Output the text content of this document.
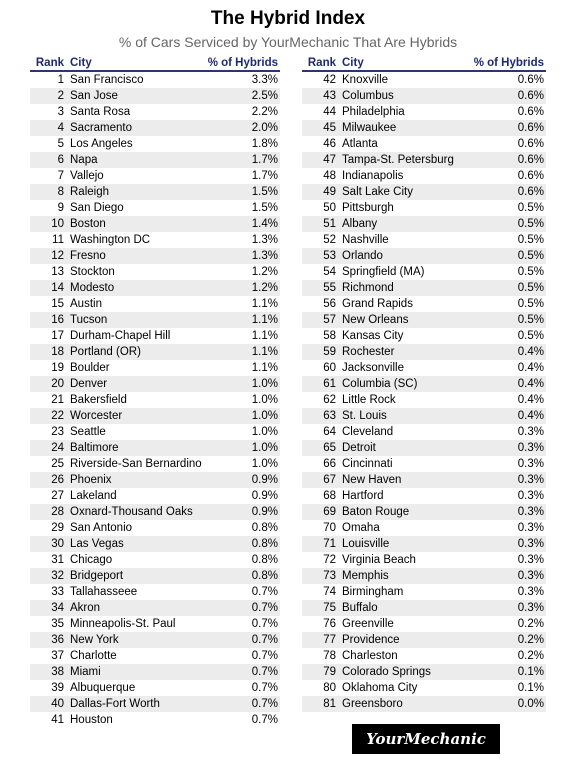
The Hybrid Index
% of Cars Serviced by YourMechanic That Are Hybrids
Rank	City	% of Hybrids
1	San Francisco	3.3%
2	San Jose	2.5%
3	Santa Rosa	2.2%
4	Sacramento	2.0%
5	Los Angeles	1.8%
6	Napa	1.7%
7	Vallejo	1.7%
8	Raleigh	1.5%
9	San Diego	1.5%
10	Boston	1.4%
11	Washington DC	1.3%
12	Fresno	1.3%
13	Stockton	1.2%
14	Modesto	1.2%
15	Austin	1.1%
16	Tucson	1.1%
17	Durham-Chapel Hill	1.1%
18	Portland (OR)	1.1%
19	Boulder	1.1%
20	Denver	1.0%
21	Bakersfield	1.0%
22	Worcester	1.0%
23	Seattle	1.0%
24	Baltimore	1.0%
25	Riverside-San Bernardino	1.0%
26	Phoenix	0.9%
27	Lakeland	0.9%
28	Oxnard-Thousand Oaks	0.9%
29	San Antonio	0.8%
30	Las Vegas	0.8%
31	Chicago	0.8%
32	Bridgeport	0.8%
33	Tallahasseee	0.7%
34	Akron	0.7%
35	Minneapolis-St. Paul	0.7%
36	New York	0.7%
37	Charlotte	0.7%
38	Miami	0.7%
39	Albuquerque	0.7%
40	Dallas-Fort Worth	0.7%
41	Houston	0.7%
Rank	City	% of Hybrids
42	Knoxville	0.6%
43	Columbus	0.6%
44	Philadelphia	0.6%
45	Milwaukee	0.6%
46	Atlanta	0.6%
47	Tampa-St. Petersburg	0.6%
48	Indianapolis	0.6%
49	Salt Lake City	0.6%
50	Pittsburgh	0.5%
51	Albany	0.5%
52	Nashville	0.5%
53	Orlando	0.5%
54	Springfield (MA)	0.5%
55	Richmond	0.5%
56	Grand Rapids	0.5%
57	New Orleans	0.5%
58	Kansas City	0.5%
59	Rochester	0.4%
60	Jacksonville	0.4%
61	Columbia (SC)	0.4%
62	Little Rock	0.4%
63	St. Louis	0.4%
64	Cleveland	0.3%
65	Detroit	0.3%
66	Cincinnati	0.3%
67	New Haven	0.3%
68	Hartford	0.3%
69	Baton Rouge	0.3%
70	Omaha	0.3%
71	Louisville	0.3%
72	Virginia Beach	0.3%
73	Memphis	0.3%
74	Birmingham	0.3%
75	Buffalo	0.3%
76	Greenville	0.2%
77	Providence	0.2%
78	Charleston	0.2%
79	Colorado Springs	0.1%
80	Oklahoma City	0.1%
81	Greensboro	0.0%
YourMechanic
